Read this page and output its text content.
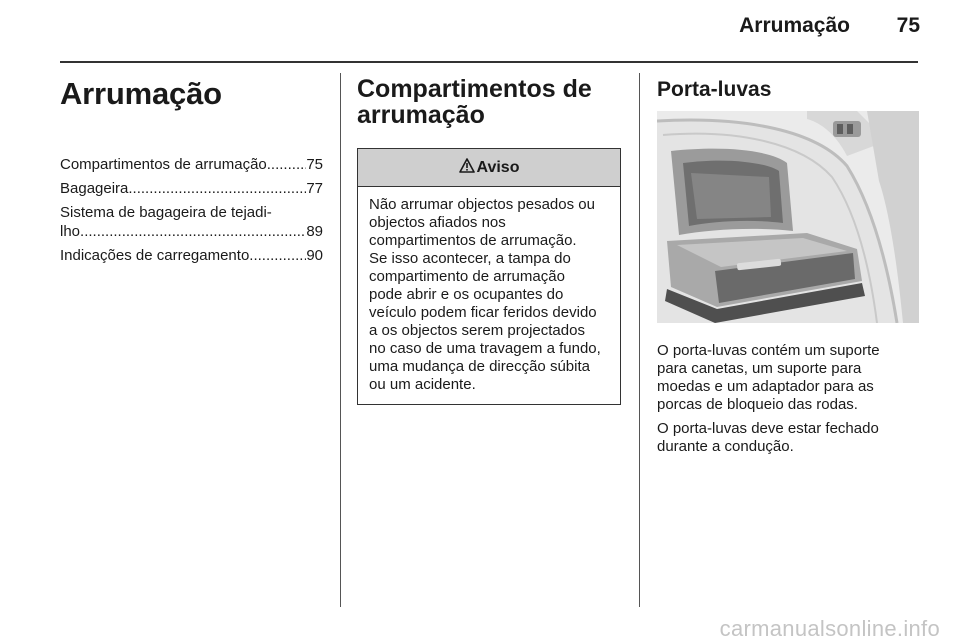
Arrumação	75
Arrumação
Compartimentos de arrumação .....	75
Bagageira .....	77
Sistema de bagageira de tejadi-
lho .....	89
Indicações de carregamento .....	90
Compartimentos de
arrumação
Aviso
Não arrumar objectos pesados ou
objectos afiados nos
compartimentos de arrumação.
Se isso acontecer, a tampa do
compartimento de arrumação
pode abrir e os ocupantes do
veículo podem ficar feridos devido
a os objectos serem projectados
no caso de uma travagem a fundo,
uma mudança de direcção súbita
ou um acidente.
Porta-luvas

O porta-luvas contém um suporte
para canetas, um suporte para
moedas e um adaptador para as
porcas de bloqueio das rodas.

O porta-luvas deve estar fechado
durante a condução.

carmanualsonline.info
